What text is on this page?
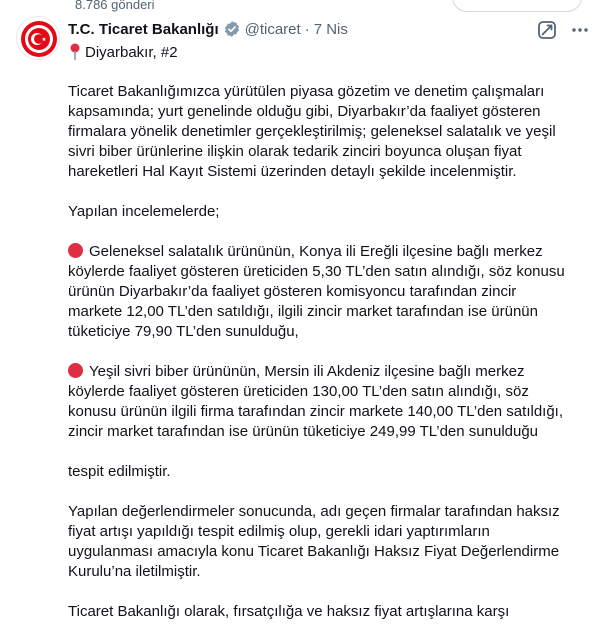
8.786 gönderi
T.C. Ticaret Bakanlığı @ticaret · 7 Nis
Diyarbakır, #2

Ticaret Bakanlığımızca yürütülen piyasa gözetim ve denetim çalışmaları kapsamında; yurt genelinde olduğu gibi, Diyarbakır’da faaliyet gösteren firmalara yönelik denetimler gerçekleştirilmiş; geleneksel salatalık ve yeşil sivri biber ürünlerine ilişkin olarak tedarik zinciri boyunca oluşan fiyat hareketleri Hal Kayıt Sistemi üzerinden detaylı şekilde incelenmiştir.

Yapılan incelemelerde;

Geleneksel salatalık ürününün, Konya ili Ereğli ilçesine bağlı merkez köylerde faaliyet gösteren üreticiden 5,30 TL’den satın alındığı, söz konusu ürünün Diyarbakır’da faaliyet gösteren komisyoncu tarafından zincir markete 12,00 TL’den satıldığı, ilgili zincir market tarafından ise ürünün tüketiciye 79,90 TL’den sunulduğu,

Yeşil sivri biber ürününün, Mersin ili Akdeniz ilçesine bağlı merkez köylerde faaliyet gösteren üreticiden 130,00 TL’den satın alındığı, söz konusu ürünün ilgili firma tarafından zincir markete 140,00 TL’den satıldığı, zincir market tarafından ise ürünün tüketiciye 249,99 TL’den sunulduğu

tespit edilmiştir.

Yapılan değerlendirmeler sonucunda, adı geçen firmalar tarafından haksız fiyat artışı yapıldığı tespit edilmiş olup, gerekli idari yaptırımların uygulanması amacıyla konu Ticaret Bakanlığı Haksız Fiyat Değerlendirme Kurulu’na iletilmiştir.

Ticaret Bakanlığı olarak, fırsatçılığa ve haksız fiyat artışlarına karşı
